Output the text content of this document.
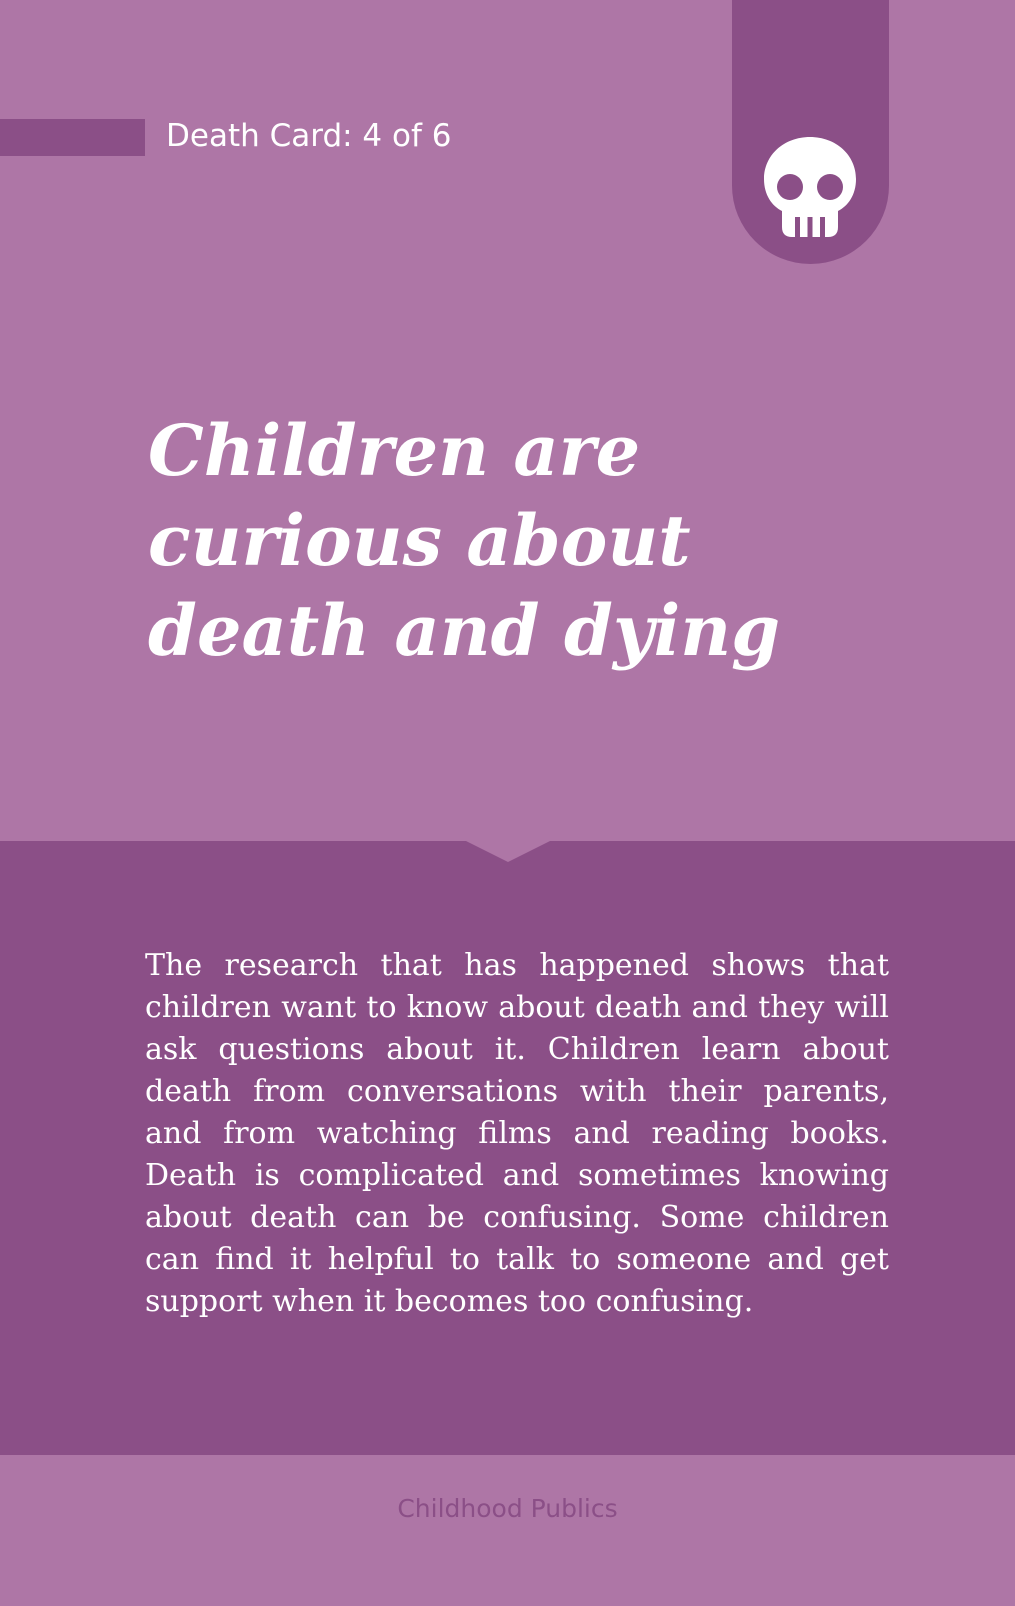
Death Card: 4 of 6
Children are
curious about
death and dying

The research that has happened shows that children want to know about death and they will ask questions about it. Children learn about death from conversations with their parents, and from watching films and reading books. Death is complicated and sometimes knowing about death can be confusing. Some children can find it helpful to talk to someone and get support when it becomes too confusing.

Childhood Publics
